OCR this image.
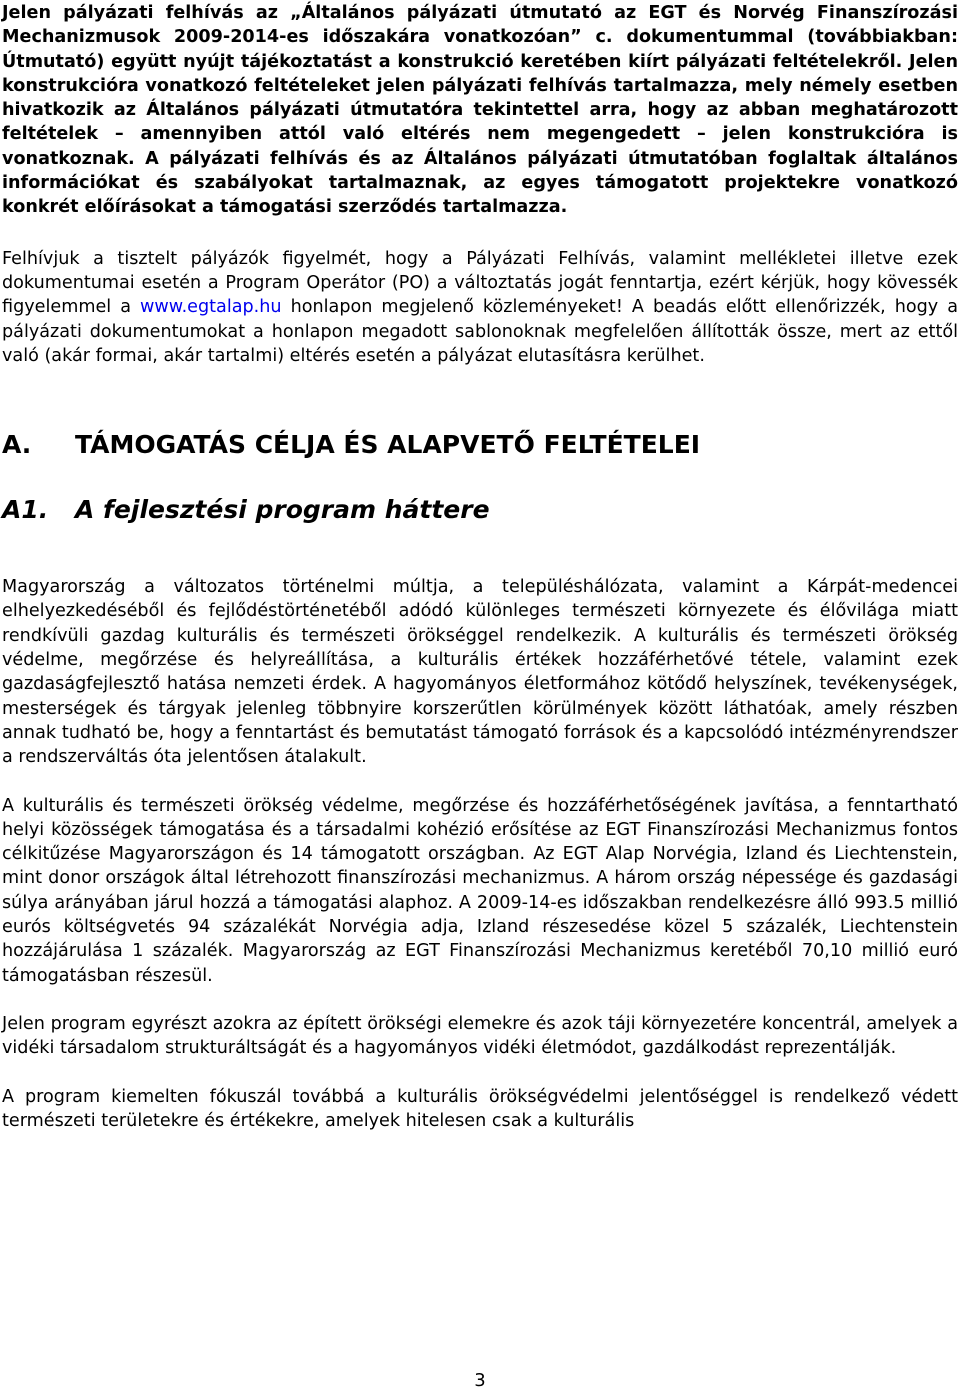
Jelen pályázati felhívás az „Általános pályázati útmutató az EGT és Norvég Finanszírozási Mechanizmusok 2009-2014-es időszakára vonatkozóan” c. dokumentummal (továbbiakban: Útmutató) együtt nyújt tájékoztatást a konstrukció keretében kiírt pályázati feltételekről. Jelen konstrukcióra vonatkozó feltételeket jelen pályázati felhívás tartalmazza, mely némely esetben hivatkozik az Általános pályázati útmutatóra tekintettel arra, hogy az abban meghatározott feltételek – amennyiben attól való eltérés nem megengedett – jelen konstrukcióra is vonatkoznak. A pályázati felhívás és az Általános pályázati útmutatóban foglaltak általános információkat és szabályokat tartalmaznak, az egyes támogatott projektekre vonatkozó konkrét előírásokat a támogatási szerződés tartalmazza.

Felhívjuk a tisztelt pályázók figyelmét, hogy a Pályázati Felhívás, valamint mellékletei illetve ezek dokumentumai esetén a Program Operátor (PO) a változtatás jogát fenntartja, ezért kérjük, hogy kövessék figyelemmel a www.egtalap.hu honlapon megjelenő közleményeket! A beadás előtt ellenőrizzék, hogy a pályázati dokumentumokat a honlapon megadott sablonoknak megfelelően állították össze, mert az ettől való (akár formai, akár tartalmi) eltérés esetén a pályázat elutasításra kerülhet.

A.	TÁMOGATÁS CÉLJA ÉS ALAPVETŐ FELTÉTELEI
A1.	A fejlesztési program háttere

Magyarország a változatos történelmi múltja, a településhálózata, valamint a Kárpát-medencei elhelyezkedéséből és fejlődéstörténetéből adódó különleges természeti környezete és élővilága miatt rendkívüli gazdag kulturális és természeti örökséggel rendelkezik. A kulturális és természeti örökség védelme, megőrzése és helyreállítása, a kulturális értékek hozzáférhetővé tétele, valamint ezek gazdaságfejlesztő hatása nemzeti érdek. A hagyományos életformához kötődő helyszínek, tevékenységek, mesterségek és tárgyak jelenleg többnyire korszerűtlen körülmények között láthatóak, amely részben annak tudható be, hogy a fenntartást és bemutatást támogató források és a kapcsolódó intézményrendszer a rendszerváltás óta jelentősen átalakult.

A kulturális és természeti örökség védelme, megőrzése és hozzáférhetőségének javítása, a fenntartható helyi közösségek támogatása és a társadalmi kohézió erősítése az EGT Finanszírozási Mechanizmus fontos célkitűzése Magyarországon és 14 támogatott országban. Az EGT Alap Norvégia, Izland és Liechtenstein, mint donor országok által létrehozott finanszírozási mechanizmus. A három ország népessége és gazdasági súlya arányában járul hozzá a támogatási alaphoz. A 2009-14-es időszakban rendelkezésre álló 993.5 millió eurós költségvetés 94 százalékát Norvégia adja, Izland részesedése közel 5 százalék, Liechtenstein hozzájárulása 1 százalék. Magyarország az EGT Finanszírozási Mechanizmus keretéből 70,10 millió euró támogatásban részesül.

Jelen program egyrészt azokra az épített örökségi elemekre és azok táji környezetére koncentrál, amelyek a vidéki társadalom strukturáltságát és a hagyományos vidéki életmódot, gazdálkodást reprezentálják.

A program kiemelten fókuszál továbbá a kulturális örökségvédelmi jelentőséggel is rendelkező védett természeti területekre és értékekre, amelyek hitelesen csak a kulturális

3
